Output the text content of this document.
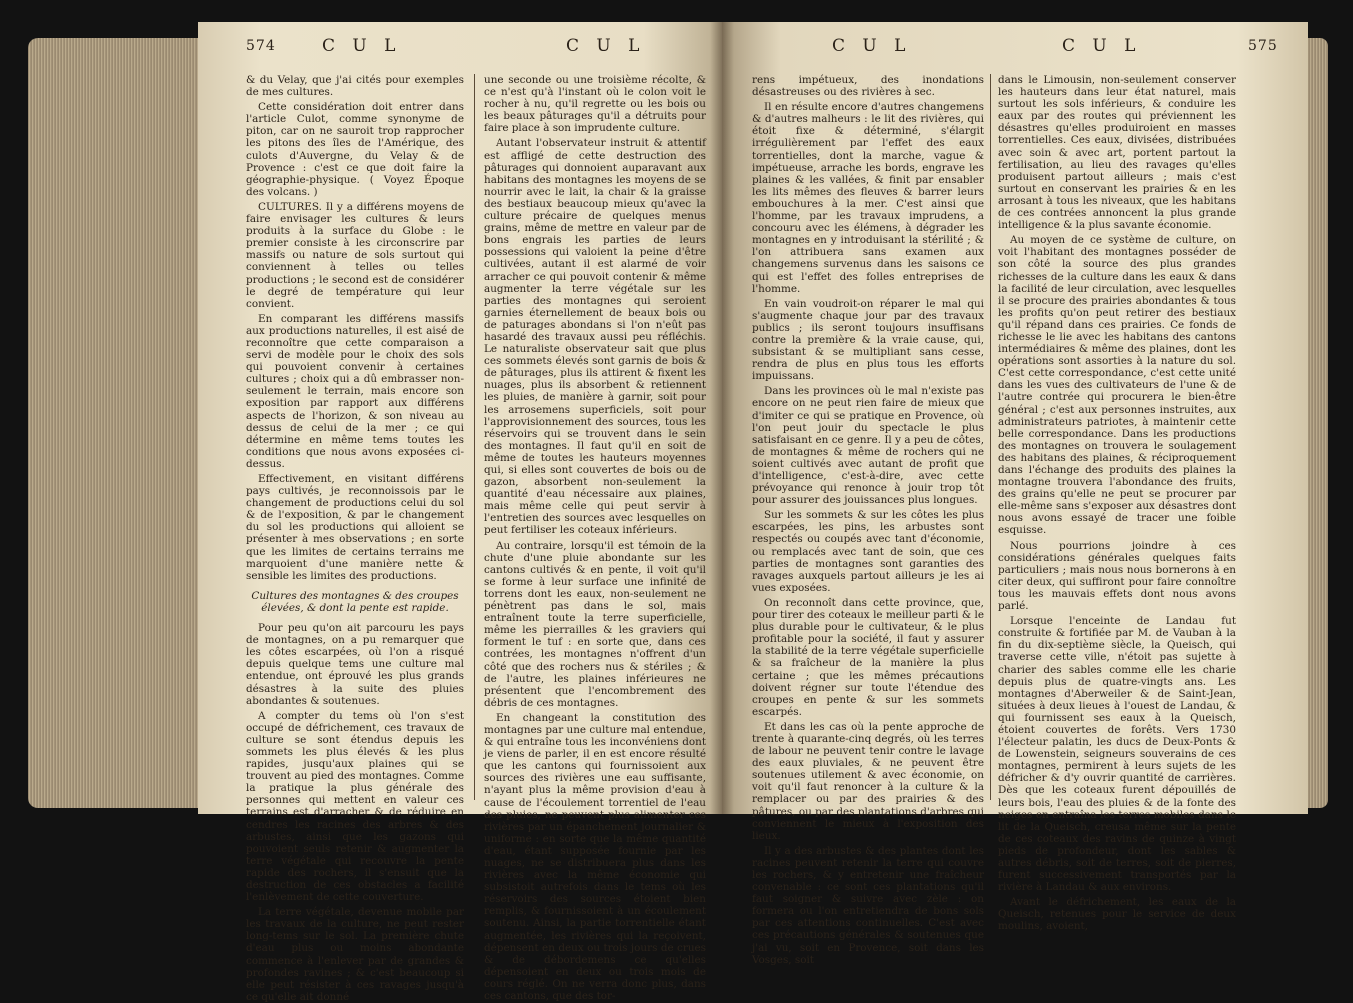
574	C U L	C U L

& du Velay, que j'ai cités pour exemples de mes cultures.

Cette considération doit entrer dans l'article Culot, comme synonyme de piton, car on ne sauroit trop rapprocher les pitons des îles de l'Amérique, des culots d'Auvergne, du Velay & de Provence : c'est ce que doit faire la géographie-physique. ( Voyez Époque des volcans. )

CULTURES. Il y a différens moyens de faire envisager les cultures & leurs produits à la surface du Globe : le premier consiste à les circonscrire par massifs ou nature de sols surtout qui conviennent à telles ou telles productions ; le second est de considérer le degré de température qui leur convient.

En comparant les différens massifs aux productions naturelles, il est aisé de reconnoître que cette comparaison a servi de modèle pour le choix des sols qui pouvoient convenir à certaines cultures ; choix qui a dû embrasser non-seulement le terrain, mais encore son exposition par rapport aux différens aspects de l'horizon, & son niveau au dessus de celui de la mer ; ce qui détermine en même tems toutes les conditions que nous avons exposées ci-dessus.

Effectivement, en visitant différens pays cultivés, je reconnoissois par le changement de productions celui du sol & de l'exposition, & par le changement du sol les productions qui alloient se présenter à mes observations ; en sorte que les limites de certains terrains me marquoient d'une manière nette & sensible les limites des productions.

Cultures des montagnes & des croupes élevées, & dont la pente est rapide.

Pour peu qu'on ait parcouru les pays de montagnes, on a pu remarquer que les côtes escarpées, où l'on a risqué depuis quelque tems une culture mal entendue, ont éprouvé les plus grands désastres à la suite des pluies abondantes & soutenues.

A compter du tems où l'on s'est occupé de défrichement, ces travaux de culture se sont étendus depuis les sommets les plus élevés & les plus rapides, jusqu'aux plaines qui se trouvent au pied des montagnes. Comme la pratique la plus générale des personnes qui mettent en valeur ces terrains est d'arracher & de réduire en cendres les racines des arbres & des arbustes, ainsi que les gazons qui pouvoient seuls retenir & augmenter la terre végétale qui recouvre la pente rapide des rochers, il s'ensuit que la destruction de ces obstacles a facilité l'enlèvement de cette couverture.

La terre végétale, devenue mobile par les travaux de la culture, ne peut rester long-tems sur le sol. La première chute d'eau plus ou moins abondante commence à l'enlever par de grandes & profondes ravines ; & c'est beaucoup si elle peut résister à ces ravages jusqu'à ce qu'elle ait donné

une seconde ou une troisième récolte, & ce n'est qu'à l'instant où le colon voit le rocher à nu, qu'il regrette ou les bois ou les beaux pâturages qu'il a détruits pour faire place à son imprudente culture.

Autant l'observateur instruit & attentif est affligé de cette destruction des pâturages qui donnoient auparavant aux habitans des montagnes les moyens de se nourrir avec le lait, la chair & la graisse des bestiaux beaucoup mieux qu'avec la culture précaire de quelques menus grains, même de mettre en valeur par de bons engrais les parties de leurs possessions qui valoient la peine d'être cultivées, autant il est alarmé de voir arracher ce qui pouvoit contenir & même augmenter la terre végétale sur les parties des montagnes qui seroient garnies éternellement de beaux bois ou de paturages abondans si l'on n'eût pas hasardé des travaux aussi peu réfléchis. Le naturaliste observateur sait que plus ces sommets élevés sont garnis de bois & de pâturages, plus ils attirent & fixent les nuages, plus ils absorbent & retiennent les pluies, de manière à garnir, soit pour les arrosemens superficiels, soit pour l'approvisionnement des sources, tous les réservoirs qui se trouvent dans le sein des montagnes. Il faut qu'il en soit de même de toutes les hauteurs moyennes qui, si elles sont couvertes de bois ou de gazon, absorbent non-seulement la quantité d'eau nécessaire aux plaines, mais même celle qui peut servir à l'entretien des sources avec lesquelles on peut fertiliser les coteaux inférieurs.

Au contraire, lorsqu'il est témoin de la chute d'une pluie abondante sur les cantons cultivés & en pente, il voit qu'il se forme à leur surface une infinité de torrens dont les eaux, non-seulement ne pénètrent pas dans le sol, mais entraînent toute la terre superficielle, même les pierrailles & les graviers qui forment le tuf : en sorte que, dans ces contrées, les montagnes n'offrent d'un côté que des rochers nus & stériles ; & de l'autre, les plaines inférieures ne présentent que l'encombrement des débris de ces montagnes.

En changeant la constitution des montagnes par une culture mal entendue, & qui entraîne tous les inconvéniens dont je viens de parler, il en est encore résulté que les cantons qui fournissoient aux sources des rivières une eau suffisante, n'ayant plus la même provision d'eau à cause de l'écoulement torrentiel de l'eau des pluies, ne peuvent plus alimenter ces rivières par un épanchement journalier & uniforme : en sorte que la même quantité d'eau, étant supposée fournie par les nuages, ne se distribuera plus dans les rivières avec la même économie qui subsistoit autrefois dans le tems où les réservoirs des sources étoient bien remplis, & fournissoient à un écoulement soutenu. Ainsi, la partie torrentielle étant augmentée, les rivières qui la reçoivent, dépensent en deux ou trois jours de crues & de débordemens ce qu'elles dépensoient en deux ou trois mois de cours réglé. On ne verra donc plus, dans ces cantons, que des tor-

C U L	C U L	575

rens impétueux, des inondations désastreuses ou des rivières à sec.

Il en résulte encore d'autres changemens & d'autres malheurs : le lit des rivières, qui étoit fixe & déterminé, s'élargit irrégulièrement par l'effet des eaux torrentielles, dont la marche, vague & impétueuse, arrache les bords, engrave les plaines & les vallées, & finit par ensabler les lits mêmes des fleuves & barrer leurs embouchures à la mer. C'est ainsi que l'homme, par les travaux imprudens, a concouru avec les élémens, à dégrader les montagnes en y introduisant la stérilité ; & l'on attribuera sans examen aux changemens survenus dans les saisons ce qui est l'effet des folles entreprises de l'homme.

En vain voudroit-on réparer le mal qui s'augmente chaque jour par des travaux publics ; ils seront toujours insuffisans contre la première & la vraie cause, qui, subsistant & se multipliant sans cesse, rendra de plus en plus tous les efforts impuissans.

Dans les provinces où le mal n'existe pas encore on ne peut rien faire de mieux que d'imiter ce qui se pratique en Provence, où l'on peut jouir du spectacle le plus satisfaisant en ce genre. Il y a peu de côtes, de montagnes & même de rochers qui ne soient cultivés avec autant de profit que d'intelligence, c'est-à-dire, avec cette prévoyance qui renonce à jouir trop tôt pour assurer des jouissances plus longues.

Sur les sommets & sur les côtes les plus escarpées, les pins, les arbustes sont respectés ou coupés avec tant d'économie, ou remplacés avec tant de soin, que ces parties de montagnes sont garanties des ravages auxquels partout ailleurs je les ai vues exposées.

On reconnoît dans cette province, que, pour tirer des coteaux le meilleur parti & le plus durable pour le cultivateur, & le plus profitable pour la société, il faut y assurer la stabilité de la terre végétale superficielle & sa fraîcheur de la manière la plus certaine ; que les mêmes précautions doivent régner sur toute l'étendue des croupes en pente & sur les sommets escarpés.

Et dans les cas où la pente approche de trente à quarante-cinq degrés, où les terres de labour ne peuvent tenir contre le lavage des eaux pluviales, & ne peuvent être soutenues utilement & avec économie, on voit qu'il faut renoncer à la culture & la remplacer ou par des prairies & des pâtures, ou par des plantations d'arbres qui conviennent le mieux à l'exposition des lieux.

Il y a des arbustes & des plantes dont les racines peuvent retenir la terre qui couvre les rochers, & y entretenir une fraîcheur convenable : ce sont ces plantations qu'il faut soigner & suivre avec zèle : on formera ou l'on entretiendra de bons sols par ces attentions continuelles. C'est avec ces précautions générales & soutenues que j'ai vu, soit en Provence, soit dans les Vosges, soit

dans le Limousin, non-seulement conserver les hauteurs dans leur état naturel, mais surtout les sols inférieurs, & conduire les eaux par des routes qui préviennent les désastres qu'elles produiroient en masses torrentielles. Ces eaux, divisées, distribuées avec soin & avec art, portent partout la fertilisation, au lieu des ravages qu'elles produisent partout ailleurs ; mais c'est surtout en conservant les prairies & en les arrosant à tous les niveaux, que les habitans de ces contrées annoncent la plus grande intelligence & la plus savante économie.

Au moyen de ce système de culture, on voit l'habitant des montagnes posséder de son côté la source des plus grandes richesses de la culture dans les eaux & dans la facilité de leur circulation, avec lesquelles il se procure des prairies abondantes & tous les profits qu'on peut retirer des bestiaux qu'il répand dans ces prairies. Ce fonds de richesse le lie avec les habitans des cantons intermédiaires & même des plaines, dont les opérations sont assorties à la nature du sol. C'est cette correspondance, c'est cette unité dans les vues des cultivateurs de l'une & de l'autre contrée qui procurera le bien-être général ; c'est aux personnes instruites, aux administrateurs patriotes, à maintenir cette belle correspondance. Dans les productions des montagnes on trouvera le soulagement des habitans des plaines, & réciproquement dans l'échange des produits des plaines la montagne trouvera l'abondance des fruits, des grains qu'elle ne peut se procurer par elle-même sans s'exposer aux désastres dont nous avons essayé de tracer une foible esquisse.

Nous pourrions joindre à ces considérations générales quelques faits particuliers ; mais nous nous bornerons à en citer deux, qui suffiront pour faire connoître tous les mauvais effets dont nous avons parlé.

Lorsque l'enceinte de Landau fut construite & fortifiée par M. de Vauban à la fin du dix-septième siècle, la Queisch, qui traverse cette ville, n'étoit pas sujette à charier des sables comme elle les charie depuis plus de quatre-vingts ans. Les montagnes d'Aberweiler & de Saint-Jean, situées à deux lieues à l'ouest de Landau, & qui fournissent ses eaux à la Queisch, étoient couvertes de forêts. Vers 1730 l'électeur palatin, les ducs de Deux-Ponts & de Lowenstein, seigneurs souverains de ces montagnes, permirent à leurs sujets de les défricher & d'y ouvrir quantité de carrières. Dès que les coteaux furent dépouillés de leurs bois, l'eau des pluies & de la fonte des neiges en entraîna les terres mobiles dans le lit de la Queisch, creusa même sur la pente de ces coteaux des ravins de quinze à vingt pieds de profondeur, dont les sables & autres débris, soit de terres, soit de pierres, furent successivement transportés par la rivière à Landau & aux environs.

Avant le défrichement, les eaux de la Queisch, retenues pour le service de deux moulins, avoient,
